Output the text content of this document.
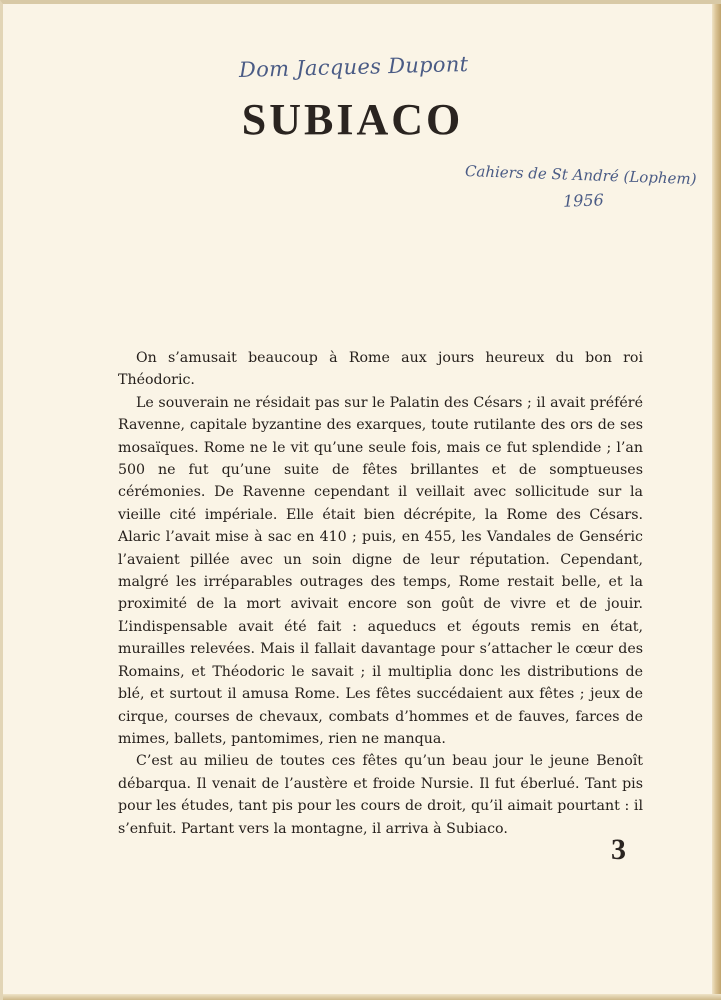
Dom Jacques Dupont
SUBIACO
Cahiers de St André (Lophem)
1956

On s’amusait beaucoup à Rome aux jours heureux du bon roi Théodoric.

Le souverain ne résidait pas sur le Palatin des Césars ; il avait préféré Ravenne, capitale byzantine des exarques, toute rutilante des ors de ses mosaïques. Rome ne le vit qu’une seule fois, mais ce fut splendide ; l’an 500 ne fut qu’une suite de fêtes brillantes et de somptueuses cérémonies. De Ravenne cependant il veillait avec sollicitude sur la vieille cité impériale. Elle était bien décrépite, la Rome des Césars. Alaric l’avait mise à sac en 410 ; puis, en 455, les Vandales de Genséric l’avaient pillée avec un soin digne de leur réputation. Cependant, malgré les irréparables outrages des temps, Rome restait belle, et la proximité de la mort avivait encore son goût de vivre et de jouir. L’indispensable avait été fait : aqueducs et égouts remis en état, murailles relevées. Mais il fallait davantage pour s’attacher le cœur des Romains, et Théodoric le savait ; il multiplia donc les distributions de blé, et surtout il amusa Rome. Les fêtes succédaient aux fêtes ; jeux de cirque, courses de chevaux, combats d’hommes et de fauves, farces de mimes, ballets, pantomimes, rien ne manqua.

C’est au milieu de toutes ces fêtes qu’un beau jour le jeune Benoît débarqua. Il venait de l’austère et froide Nursie. Il fut éberlué. Tant pis pour les études, tant pis pour les cours de droit, qu’il aimait pourtant : il s’enfuit. Partant vers la montagne, il arriva à Subiaco.

3
